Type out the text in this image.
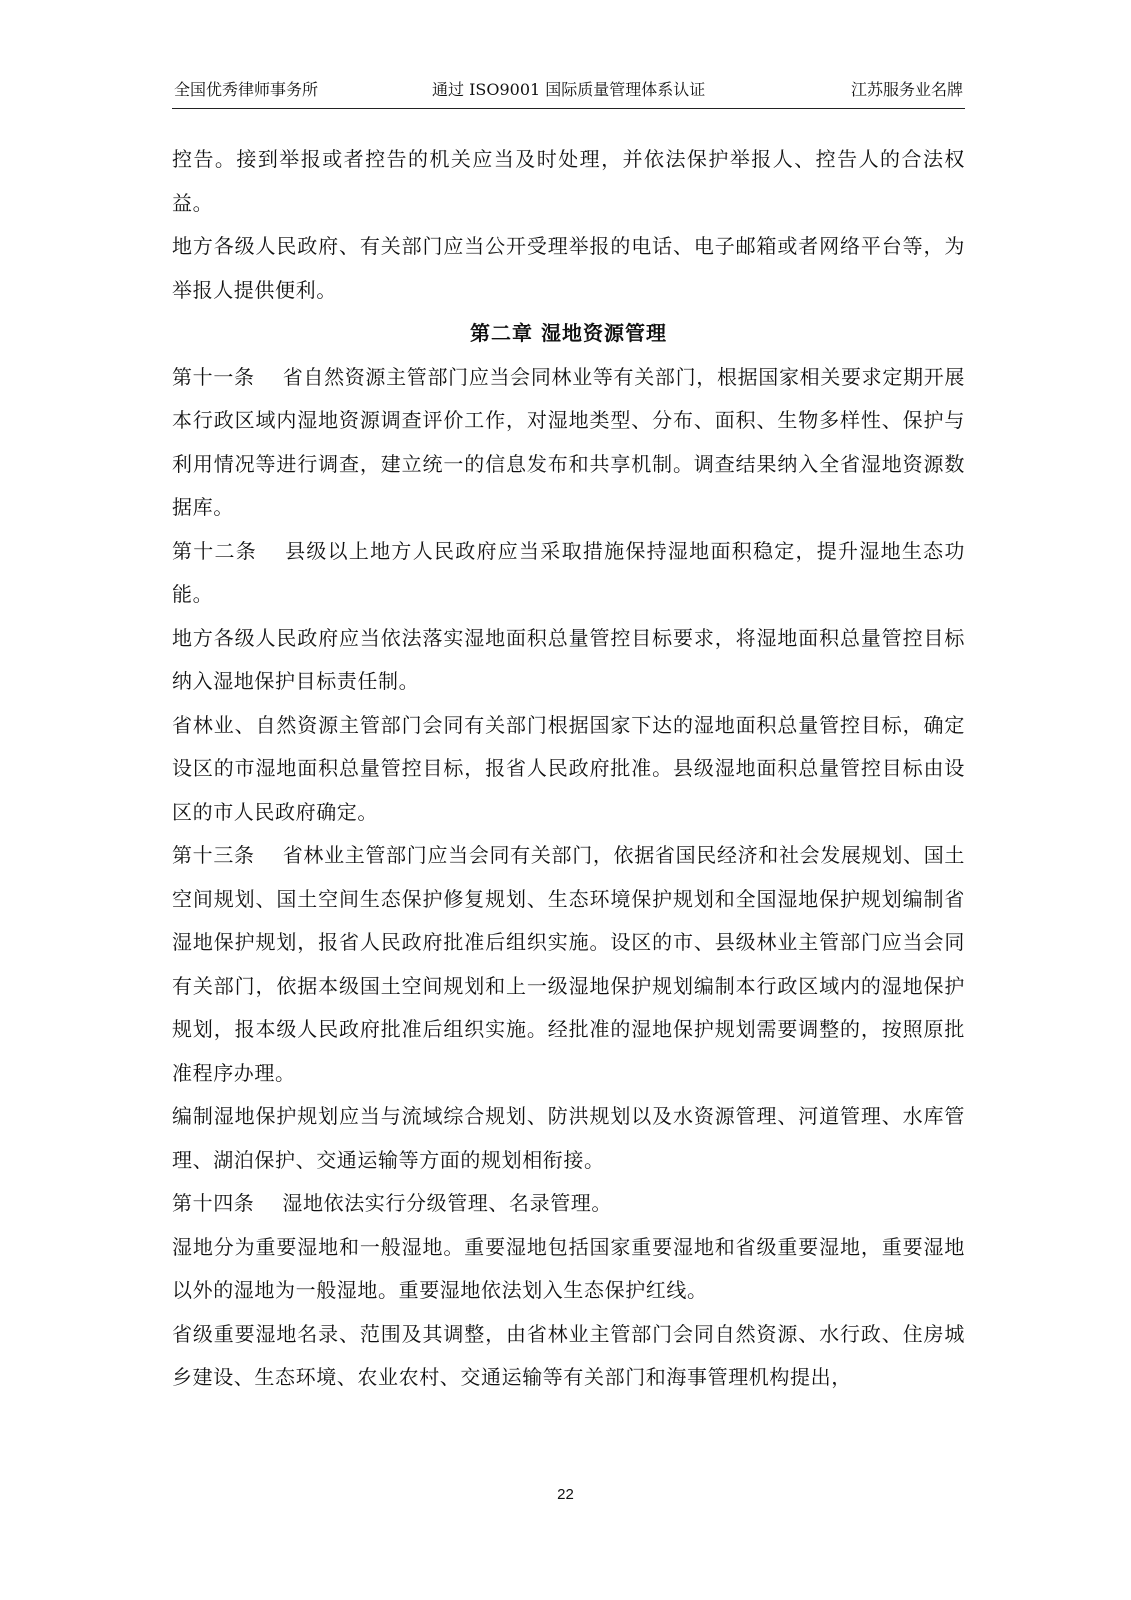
全国优秀律师事务所	通过 ISO9001 国际质量管理体系认证	江苏服务业名牌

控告。接到举报或者控告的机关应当及时处理，并依法保护举报人、控告人的合法权益。

地方各级人民政府、有关部门应当公开受理举报的电话、电子邮箱或者网络平台等，为举报人提供便利。

第二章 湿地资源管理

第十一条 省自然资源主管部门应当会同林业等有关部门，根据国家相关要求定期开展本行政区域内湿地资源调查评价工作，对湿地类型、分布、面积、生物多样性、保护与利用情况等进行调查，建立统一的信息发布和共享机制。调查结果纳入全省湿地资源数据库。

第十二条 县级以上地方人民政府应当采取措施保持湿地面积稳定，提升湿地生态功能。

地方各级人民政府应当依法落实湿地面积总量管控目标要求，将湿地面积总量管控目标纳入湿地保护目标责任制。

省林业、自然资源主管部门会同有关部门根据国家下达的湿地面积总量管控目标，确定设区的市湿地面积总量管控目标，报省人民政府批准。县级湿地面积总量管控目标由设区的市人民政府确定。

第十三条 省林业主管部门应当会同有关部门，依据省国民经济和社会发展规划、国土空间规划、国土空间生态保护修复规划、生态环境保护规划和全国湿地保护规划编制省湿地保护规划，报省人民政府批准后组织实施。设区的市、县级林业主管部门应当会同有关部门，依据本级国土空间规划和上一级湿地保护规划编制本行政区域内的湿地保护规划，报本级人民政府批准后组织实施。经批准的湿地保护规划需要调整的，按照原批准程序办理。

编制湿地保护规划应当与流域综合规划、防洪规划以及水资源管理、河道管理、水库管理、湖泊保护、交通运输等方面的规划相衔接。

第十四条 湿地依法实行分级管理、名录管理。

湿地分为重要湿地和一般湿地。重要湿地包括国家重要湿地和省级重要湿地，重要湿地以外的湿地为一般湿地。重要湿地依法划入生态保护红线。

省级重要湿地名录、范围及其调整，由省林业主管部门会同自然资源、水行政、住房城乡建设、生态环境、农业农村、交通运输等有关部门和海事管理机构提出，

22
